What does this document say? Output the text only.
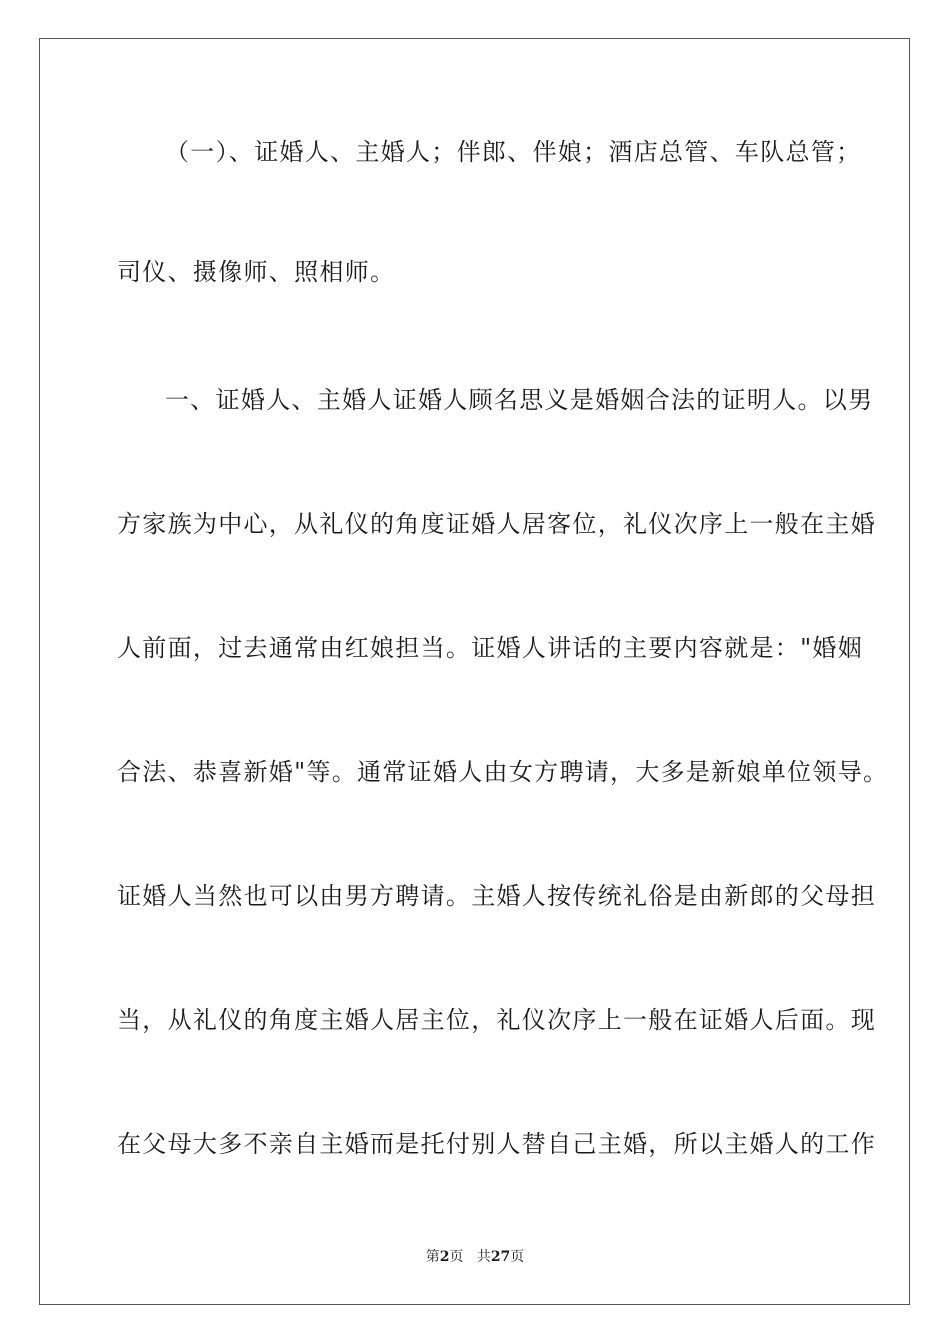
（一）、证婚人、主婚人；伴郎、伴娘；酒店总管、车队总管；
司仪、摄像师、照相师。
一、证婚人、主婚人证婚人顾名思义是婚姻合法的证明人。以男
方家族为中心，从礼仪的角度证婚人居客位，礼仪次序上一般在主婚
人前面，过去通常由红娘担当。证婚人讲话的主要内容就是："婚姻
合法、恭喜新婚"等。通常证婚人由女方聘请，大多是新娘单位领导。
证婚人当然也可以由男方聘请。主婚人按传统礼俗是由新郎的父母担
当，从礼仪的角度主婚人居主位，礼仪次序上一般在证婚人后面。现
在父母大多不亲自主婚而是托付别人替自己主婚，所以主婚人的工作
第2页 共27页
